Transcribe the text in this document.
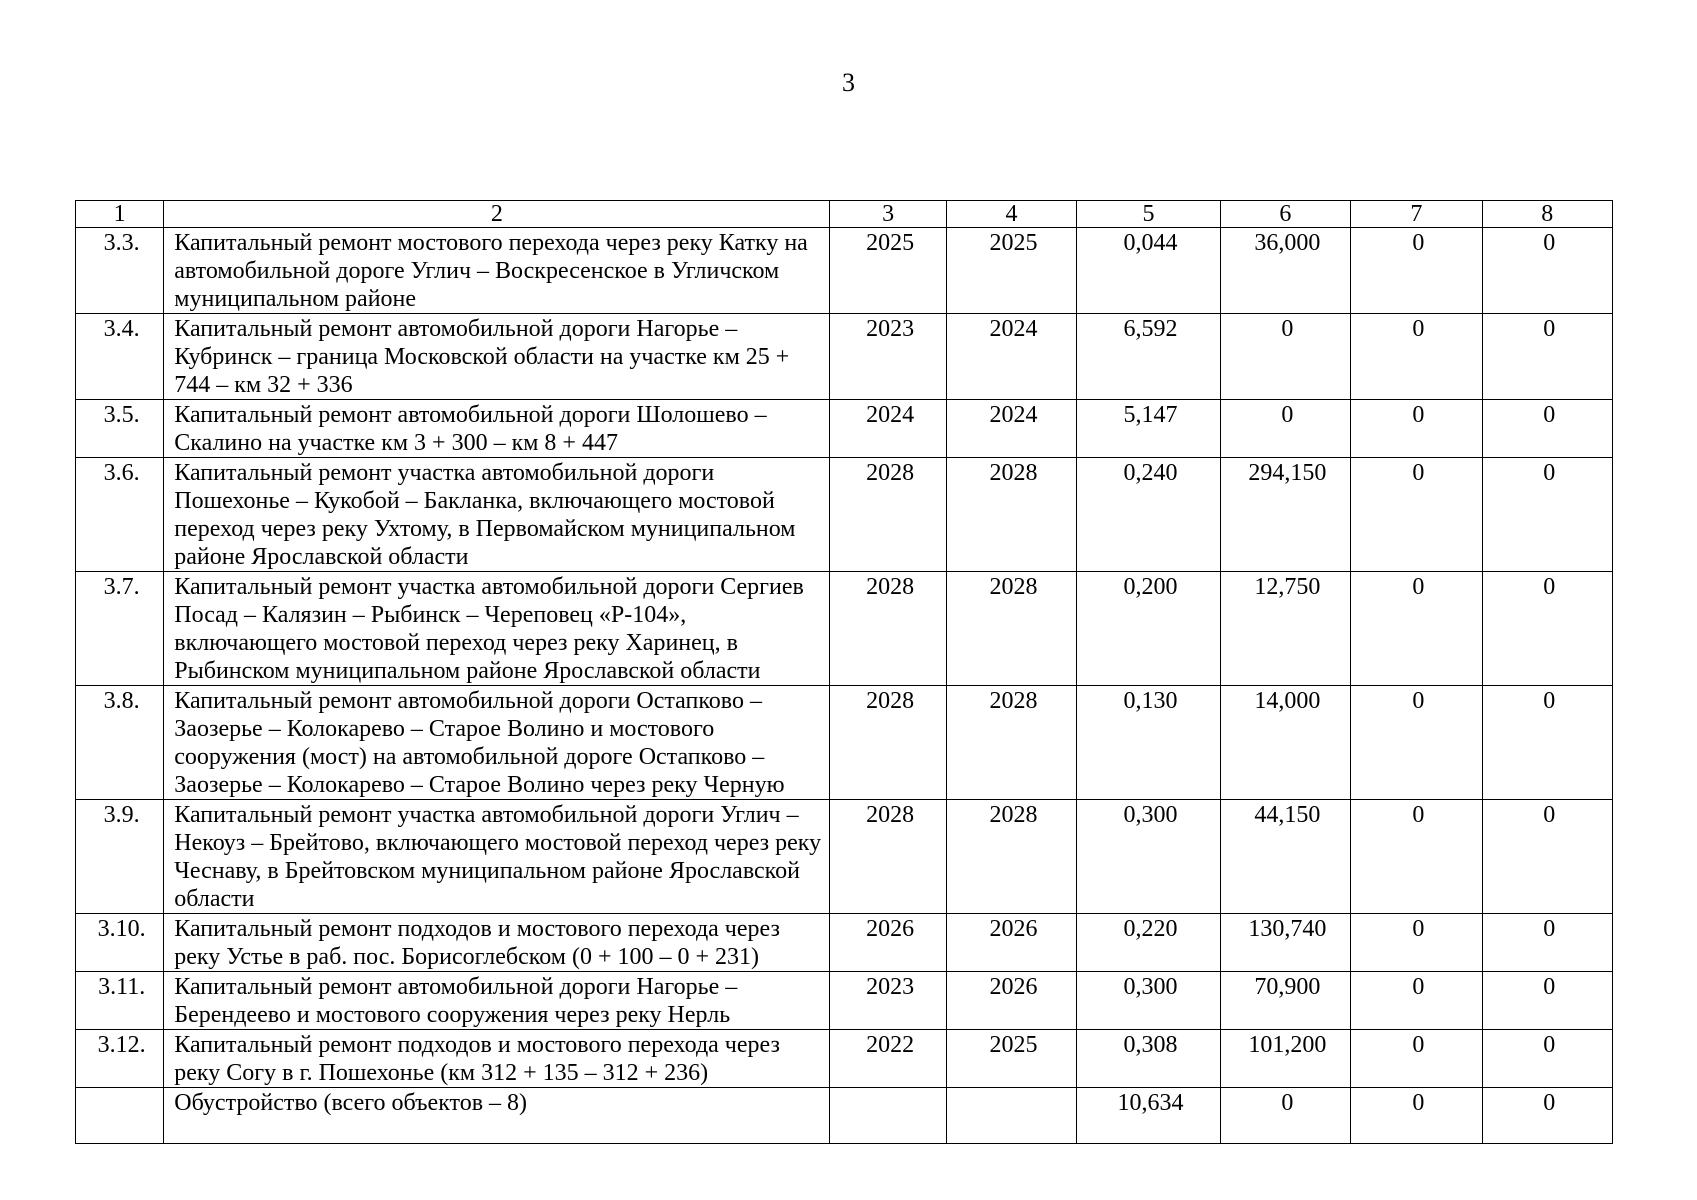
3
1	2	3	4	5	6	7	8
3.3.	Капитальный ремонт мостового перехода через реку Катку на автомобильной дороге Углич – Воскресенское в Угличском муниципальном районе	2025	2025	0,044	36,000	0	0
3.4.	Капитальный ремонт автомобильной дороги Нагорье – Кубринск – граница Московской области на участке км 25 + 744 – км 32 + 336	2023	2024	6,592	0	0	0
3.5.	Капитальный ремонт автомобильной дороги Шолошево – Скалино на участке км 3 + 300 – км 8 + 447	2024	2024	5,147	0	0	0
3.6.	Капитальный ремонт участка автомобильной дороги Пошехонье – Кукобой – Бакланка, включающего мостовой переход через реку Ухтому, в Первомайском муниципальном районе Ярославской области	2028	2028	0,240	294,150	0	0
3.7.	Капитальный ремонт участка автомобильной дороги Сергиев Посад – Калязин – Рыбинск – Череповец «Р-104», включающего мостовой переход через реку Харинец, в Рыбинском муниципальном районе Ярославской области	2028	2028	0,200	12,750	0	0
3.8.	Капитальный ремонт автомобильной дороги Остапково – Заозерье – Колокарево – Старое Волино и мостового сооружения (мост) на автомобильной дороге Остапково – Заозерье – Колокарево – Старое Волино через реку Черную	2028	2028	0,130	14,000	0	0
3.9.	Капитальный ремонт участка автомобильной дороги Углич – Некоуз – Брейтово, включающего мостовой переход через реку Чеснаву, в Брейтовском муниципальном районе Ярославской области	2028	2028	0,300	44,150	0	0
3.10.	Капитальный ремонт подходов и мостового перехода через реку Устье в раб. пос. Борисоглебском (0 + 100 – 0 + 231)	2026	2026	0,220	130,740	0	0
3.11.	Капитальный ремонт автомобильной дороги Нагорье – Берендеево и мостового сооружения через реку Нерль	2023	2026	0,300	70,900	0	0
3.12.	Капитальный ремонт подходов и мостового перехода через реку Согу в г. Пошехонье (км 312 + 135 – 312 + 236)	2022	2025	0,308	101,200	0	0
	Обустройство (всего объектов – 8)			10,634	0	0	0
